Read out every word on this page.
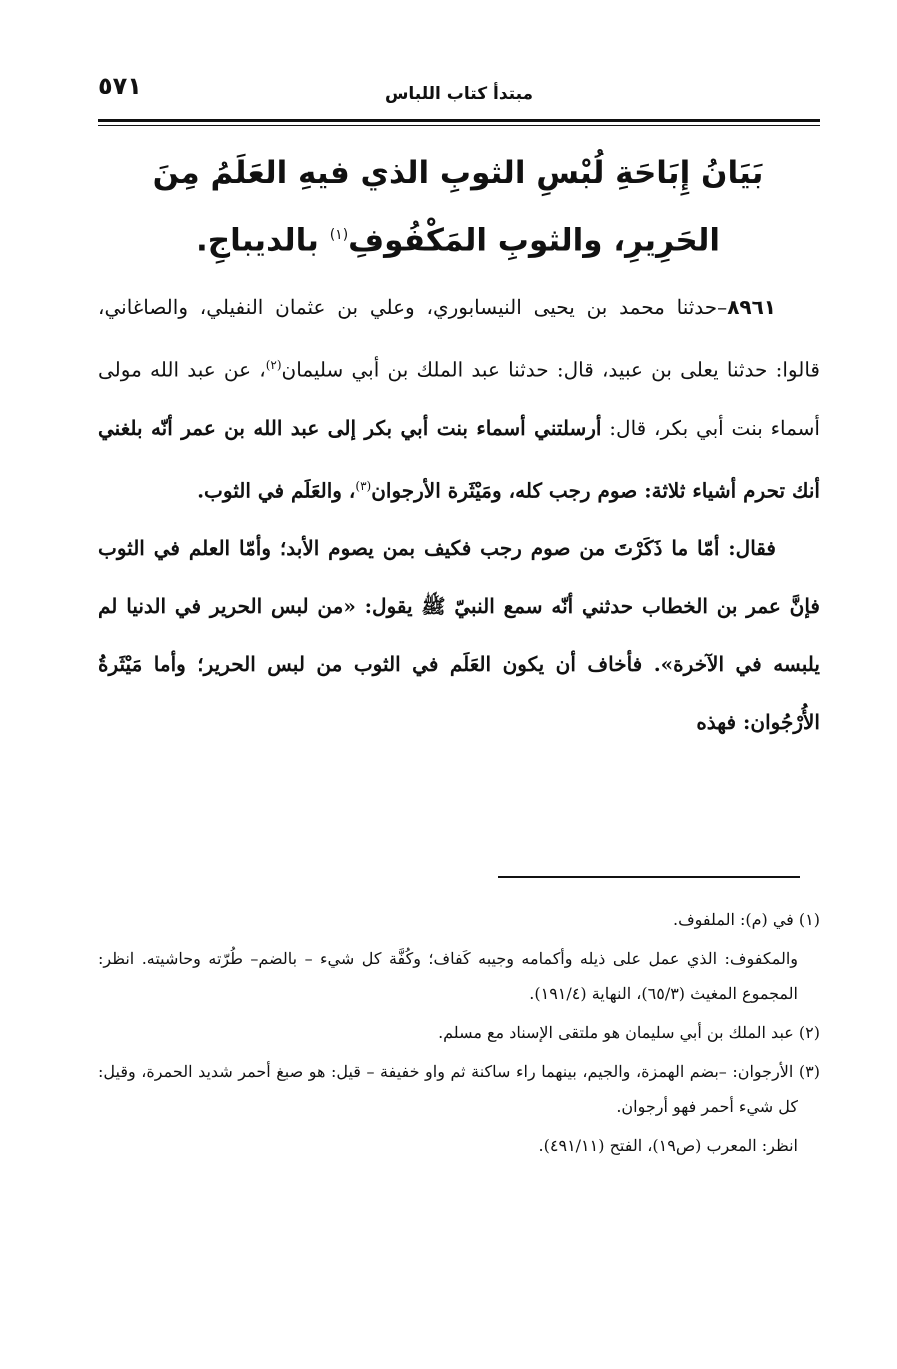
٥٧١	مبتدأ كتاب اللباس
بَيَانُ إِبَاحَةِ لُبْسِ الثوبِ الذي فيهِ العَلَمُ مِنَ الحَرِيرِ، والثوبِ المَكْفُوفِ$^{(١)}$ بالديباجِ.

٨٩٦١–حدثنا محمد بن يحيى النيسابوري، وعلي بن عثمان النفيلي، والصاغاني، قالوا: حدثنا يعلى بن عبيد، قال: حدثنا عبد الملك بن أبي سليمان$^{(٢)}$، عن عبد الله مولى أسماء بنت أبي بكر، قال: أرسلتني أسماء بنت أبي بكر إلى عبد الله بن عمر أنّه بلغني أنك تحرم أشياء ثلاثة: صوم رجب كله، ومَيْثَرة الأرجوان$^{(٣)}$، والعَلَم في الثوب.

فقال: أمّا ما ذَكَرْتَ من صوم رجب فكيف بمن يصوم الأبد؛ وأمّا العلم في الثوب فإنَّ عمر بن الخطاب حدثني أنّه سمع النبيّ ﷺ يقول: «من لبس الحرير في الدنيا لم يلبسه في الآخرة». فأخاف أن يكون العَلَم في الثوب من لبس الحرير؛ وأما مَيْثَرةُ الأُرْجُوان: فهذه

(١) في (م): الملفوف.

والمكفوف: الذي عمل على ذيله وأكمامه وجيبه كَفاف؛ وكُفَّة كل شيء – بالضم– طُرّته وحاشيته. انظر: المجموع المغيث (٦٥/٣)، النهاية (١٩١/٤).

(٢) عبد الملك بن أبي سليمان هو ملتقى الإسناد مع مسلم.

(٣) الأرجوان: –بضم الهمزة، والجيم، بينهما راء ساكنة ثم واو خفيفة – قيل: هو صبغ أحمر شديد الحمرة، وقيل: كل شيء أحمر فهو أرجوان.

انظر: المعرب (ص١٩)، الفتح (٤٩١/١١).
